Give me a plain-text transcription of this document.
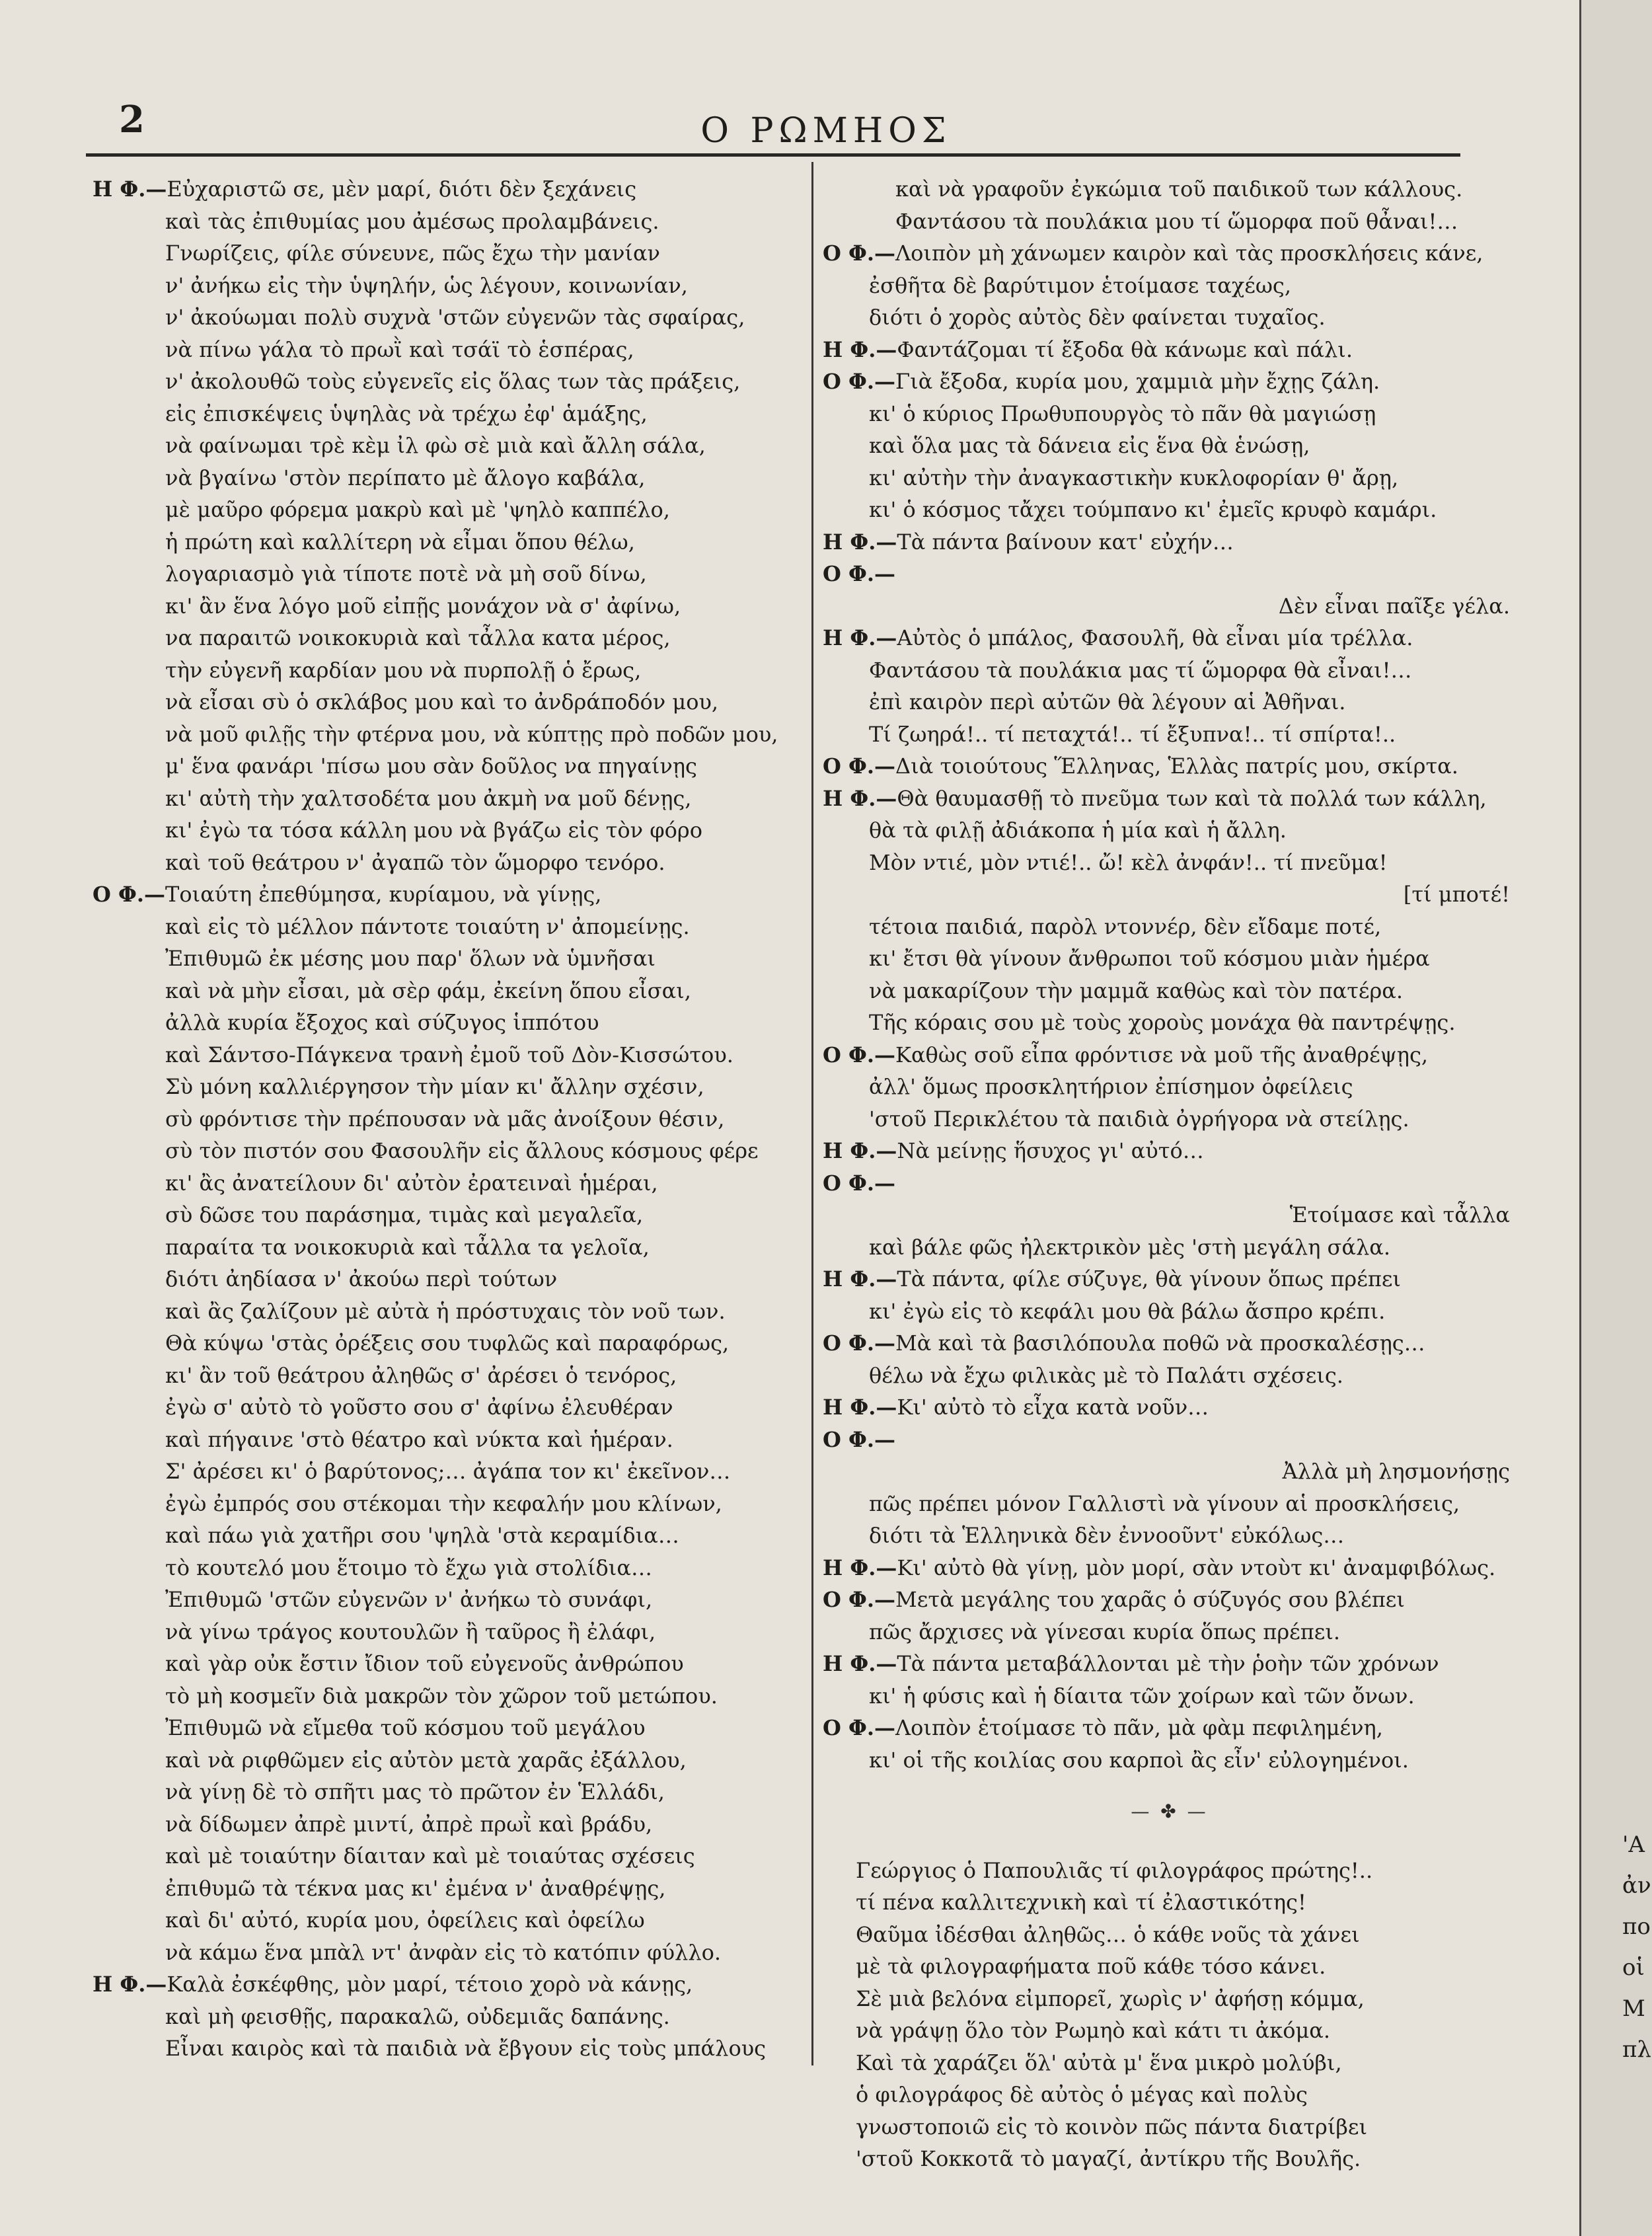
2	Ο ΡΩΜΗΟΣ

Η Φ.—Εὐχαριστῶ σε, μὲν μαρί, διότι δὲν ξεχάνεις

καὶ τὰς ἐπιθυμίας μου ἀμέσως προλαμβάνεις.

Γνωρίζεις, φίλε σύνευνε, πῶς ἔχω τὴν μανίαν

ν' ἀνήκω εἰς τὴν ὑψηλήν, ὡς λέγουν, κοινωνίαν,

ν' ἀκούωμαι πολὺ συχνὰ 'στῶν εὐγενῶν τὰς σφαίρας,

νὰ πίνω γάλα τὸ πρωῒ καὶ τσάϊ τὸ ἑσπέρας,

ν' ἀκολουθῶ τοὺς εὐγενεῖς εἰς ὅλας των τὰς πράξεις,

εἰς ἐπισκέψεις ὑψηλὰς νὰ τρέχω ἐφ' ἁμάξης,

νὰ φαίνωμαι τρὲ κὲμ ἰλ φὼ σὲ μιὰ καὶ ἄλλη σάλα,

νὰ βγαίνω 'στὸν περίπατο μὲ ἄλογο καβάλα,

μὲ μαῦρο φόρεμα μακρὺ καὶ μὲ 'ψηλὸ καππέλο,

ἡ πρώτη καὶ καλλίτερη νὰ εἶμαι ὅπου θέλω,

λογαριασμὸ γιὰ τίποτε ποτὲ νὰ μὴ σοῦ δίνω,

κι' ἂν ἕνα λόγο μοῦ εἰπῇς μονάχον νὰ σ' ἀφίνω,

να παραιτῶ νοικοκυριὰ καὶ τἆλλα κατα μέρος,

τὴν εὐγενῆ καρδίαν μου νὰ πυρπολῇ ὁ ἔρως,

νὰ εἶσαι σὺ ὁ σκλάβος μου καὶ το ἀνδράποδόν μου,

νὰ μοῦ φιλῇς τὴν φτέρνα μου, νὰ κύπτῃς πρὸ ποδῶν μου,

μ' ἕνα φανάρι 'πίσω μου σὰν δοῦλος να πηγαίνῃς

κι' αὐτὴ τὴν χαλτσοδέτα μου ἀκμὴ να μοῦ δένῃς,

κι' ἐγὼ τα τόσα κάλλη μου νὰ βγάζω εἰς τὸν φόρο

καὶ τοῦ θεάτρου ν' ἀγαπῶ τὸν ὥμορφο τενόρο.

Ο Φ.—Τοιαύτη ἐπεθύμησα, κυρίαμου, νὰ γίνῃς,

καὶ εἰς τὸ μέλλον πάντοτε τοιαύτη ν' ἀπομείνῃς.

Ἐπιθυμῶ ἐκ μέσης μου παρ' ὅλων νὰ ὑμνῆσαι

καὶ νὰ μὴν εἶσαι, μὰ σὲρ φάμ, ἐκείνη ὅπου εἶσαι,

ἀλλὰ κυρία ἔξοχος καὶ σύζυγος ἱππότου

καὶ Σάντσο-Πάγκενα τρανὴ ἐμοῦ τοῦ Δὸν-Κισσώτου.

Σὺ μόνη καλλιέργησον τὴν μίαν κι' ἄλλην σχέσιν,

σὺ φρόντισε τὴν πρέπουσαν νὰ μᾶς ἀνοίξουν θέσιν,

σὺ τὸν πιστόν σου Φασουλῆν εἰς ἄλλους κόσμους φέρε

κι' ἂς ἀνατείλουν δι' αὐτὸν ἐρατειναὶ ἡμέραι,

σὺ δῶσε του παράσημα, τιμὰς καὶ μεγαλεῖα,

παραίτα τα νοικοκυριὰ καὶ τἆλλα τα γελοῖα,

διότι ἀηδίασα ν' ἀκούω περὶ τούτων

καὶ ἂς ζαλίζουν μὲ αὐτὰ ἡ πρόστυχαις τὸν νοῦ των.

Θὰ κύψω 'στὰς ὀρέξεις σου τυφλῶς καὶ παραφόρως,

κι' ἂν τοῦ θεάτρου ἀληθῶς σ' ἀρέσει ὁ τενόρος,

ἐγὼ σ' αὐτὸ τὸ γοῦστο σου σ' ἀφίνω ἐλευθέραν

καὶ πήγαινε 'στὸ θέατρο καὶ νύκτα καὶ ἡμέραν.

Σ' ἀρέσει κι' ὁ βαρύτονος;… ἀγάπα τον κι' ἐκεῖνον…

ἐγὼ ἐμπρός σου στέκομαι τὴν κεφαλήν μου κλίνων,

καὶ πάω γιὰ χατῆρι σου 'ψηλὰ 'στὰ κεραμίδια…

τὸ κουτελό μου ἕτοιμο τὸ ἔχω γιὰ στολίδια…

Ἐπιθυμῶ 'στῶν εὐγενῶν ν' ἀνήκω τὸ συνάφι,

νὰ γίνω τράγος κουτουλῶν ἢ ταῦρος ἢ ἐλάφι,

καὶ γὰρ οὐκ ἔστιν ἴδιον τοῦ εὐγενοῦς ἀνθρώπου

τὸ μὴ κοσμεῖν διὰ μακρῶν τὸν χῶρον τοῦ μετώπου.

Ἐπιθυμῶ νὰ εἴμεθα τοῦ κόσμου τοῦ μεγάλου

καὶ νὰ ριφθῶμεν εἰς αὐτὸν μετὰ χαρᾶς ἐξάλλου,

νὰ γίνῃ δὲ τὸ σπῆτι μας τὸ πρῶτον ἐν Ἑλλάδι,

νὰ δίδωμεν ἀπρὲ μιντί, ἀπρὲ πρωῒ καὶ βράδυ,

καὶ μὲ τοιαύτην δίαιταν καὶ μὲ τοιαύτας σχέσεις

ἐπιθυμῶ τὰ τέκνα μας κι' ἐμένα ν' ἀναθρέψῃς,

καὶ δι' αὐτό, κυρία μου, ὀφείλεις καὶ ὀφείλω

νὰ κάμω ἕνα μπὰλ ντ' ἀνφὰν εἰς τὸ κατόπιν φύλλο.

Η Φ.—Καλὰ ἐσκέφθης, μὸν μαρί, τέτοιο χορὸ νὰ κάνῃς,

καὶ μὴ φεισθῇς, παρακαλῶ, οὐδεμιᾶς δαπάνης.

Εἶναι καιρὸς καὶ τὰ παιδιὰ νὰ ἔβγουν εἰς τοὺς μπάλους

καὶ νὰ γραφοῦν ἐγκώμια τοῦ παιδικοῦ των κάλλους.

Φαντάσου τὰ πουλάκια μου τί ὥμορφα ποῦ θἆναι!…

Ο Φ.—Λοιπὸν μὴ χάνωμεν καιρὸν καὶ τὰς προσκλήσεις κάνε,

ἐσθῆτα δὲ βαρύτιμον ἑτοίμασε ταχέως,

διότι ὁ χορὸς αὐτὸς δὲν φαίνεται τυχαῖος.

Η Φ.—Φαντάζομαι τί ἔξοδα θὰ κάνωμε καὶ πάλι.

Ο Φ.—Γιὰ ἔξοδα, κυρία μου, χαμμιὰ μὴν ἔχῃς ζάλη.

κι' ὁ κύριος Πρωθυπουργὸς τὸ πᾶν θὰ μαγιώσῃ

καὶ ὅλα μας τὰ δάνεια εἰς ἕνα θὰ ἑνώσῃ,

κι' αὐτὴν τὴν ἀναγκαστικὴν κυκλοφορίαν θ' ἄρῃ,

κι' ὁ κόσμος τἄχει τούμπανο κι' ἐμεῖς κρυφὸ καμάρι.

Η Φ.—Τὰ πάντα βαίνουν κατ' εὐχήν…

Ο Φ.—

Δὲν εἶναι παῖξε γέλα.

Η Φ.—Αὐτὸς ὁ μπάλος, Φασουλῆ, θὰ εἶναι μία τρέλλα.

Φαντάσου τὰ πουλάκια μας τί ὥμορφα θὰ εἶναι!…

ἐπὶ καιρὸν περὶ αὐτῶν θὰ λέγουν αἱ Ἀθῆναι.

Τί ζωηρά!.. τί πεταχτά!.. τί ἔξυπνα!.. τί σπίρτα!..

Ο Φ.—Διὰ τοιούτους Ἕλληνας, Ἑλλὰς πατρίς μου, σκίρτα.

Η Φ.—Θὰ θαυμασθῇ τὸ πνεῦμα των καὶ τὰ πολλά των κάλλη,

θὰ τὰ φιλῇ ἀδιάκοπα ἡ μία καὶ ἡ ἄλλη.

Μὸν ντιέ, μὸν ντιέ!.. ὤ! κὲλ ἀνφάν!.. τί πνεῦμα!

[τί μποτέ!

τέτοια παιδιά, παρὸλ ντοννέρ, δὲν εἴδαμε ποτέ,

κι' ἔτσι θὰ γίνουν ἄνθρωποι τοῦ κόσμου μιὰν ἡμέρα

νὰ μακαρίζουν τὴν μαμμᾶ καθὼς καὶ τὸν πατέρα.

Τῆς κόραις σου μὲ τοὺς χοροὺς μονάχα θὰ παντρέψῃς.

Ο Φ.—Καθὼς σοῦ εἶπα φρόντισε νὰ μοῦ τῆς ἀναθρέψῃς,

ἀλλ' ὅμως προσκλητήριον ἐπίσημον ὀφείλεις

'στοῦ Περικλέτου τὰ παιδιὰ ὀγρήγορα νὰ στείλῃς.

Η Φ.—Νὰ μείνῃς ἥσυχος γι' αὐτό…

Ο Φ.—

Ἑτοίμασε καὶ τἆλλα

καὶ βάλε φῶς ἠλεκτρικὸν μὲς 'στὴ μεγάλη σάλα.

Η Φ.—Τὰ πάντα, φίλε σύζυγε, θὰ γίνουν ὅπως πρέπει

κι' ἐγὼ εἰς τὸ κεφάλι μου θὰ βάλω ἄσπρο κρέπι.

Ο Φ.—Μὰ καὶ τὰ βασιλόπουλα ποθῶ νὰ προσκαλέσῃς…

θέλω νὰ ἔχω φιλικὰς μὲ τὸ Παλάτι σχέσεις.

Η Φ.—Κι' αὐτὸ τὸ εἶχα κατὰ νοῦν…

Ο Φ.—

Ἀλλὰ μὴ λησμονήσῃς

πῶς πρέπει μόνον Γαλλιστὶ νὰ γίνουν αἱ προσκλήσεις,

διότι τὰ Ἑλληνικὰ δὲν ἐννοοῦντ' εὐκόλως…

Η Φ.—Κι' αὐτὸ θὰ γίνῃ, μὸν μορί, σὰν ντοὺτ κι' ἀναμφιβόλως.

Ο Φ.—Μετὰ μεγάλης του χαρᾶς ὁ σύζυγός σου βλέπει

πῶς ἄρχισες νὰ γίνεσαι κυρία ὅπως πρέπει.

Η Φ.—Τὰ πάντα μεταβάλλονται μὲ τὴν ῥοὴν τῶν χρόνων

κι' ἡ φύσις καὶ ἡ δίαιτα τῶν χοίρων καὶ τῶν ὄνων.

Ο Φ.—Λοιπὸν ἑτοίμασε τὸ πᾶν, μὰ φὰμ πεφιλημένη,

κι' οἱ τῆς κοιλίας σου καρποὶ ἂς εἶν' εὐλογημένοι.

— ✤ —

Γεώργιος ὁ Παπουλιᾶς τί φιλογράφος πρώτης!..

τί πένα καλλιτεχνικὴ καὶ τί ἐλαστικότης!

Θαῦμα ἰδέσθαι ἀληθῶς… ὁ κάθε νοῦς τὰ χάνει

μὲ τὰ φιλογραφήματα ποῦ κάθε τόσο κάνει.

Σὲ μιὰ βελόνα εἰμπορεῖ, χωρὶς ν' ἀφήσῃ κόμμα,

νὰ γράψῃ ὅλο τὸν Ρωμηὸ καὶ κάτι τι ἀκόμα.

Καὶ τὰ χαράζει ὅλ' αὐτὰ μ' ἕνα μικρὸ μολύβι,

ὁ φιλογράφος δὲ αὐτὸς ὁ μέγας καὶ πολὺς

γνωστοποιῶ εἰς τὸ κοινὸν πῶς πάντα διατρίβει

'στοῦ Κοκκοτᾶ τὸ μαγαζί, ἀντίκρυ τῆς Βουλῆς.

'Α
ἀν
πο
οἱ
Μ
πλ
